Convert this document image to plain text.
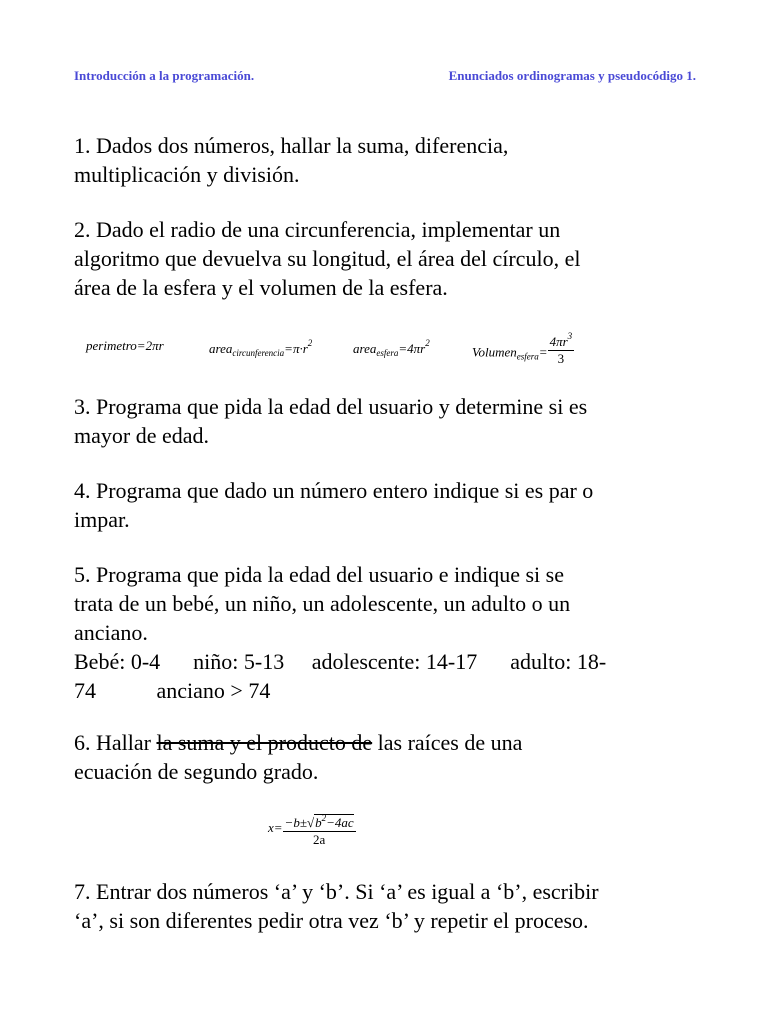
Introducción a la programación.	Enunciados ordinogramas y pseudocódigo 1.
1. Dados dos números, hallar la suma, diferencia,
multiplicación y división.
2. Dado el radio de una circunferencia, implementar un
algoritmo que devuelva su longitud, el área del círculo, el
área de la esfera y el volumen de la esfera.
perimetro=2πr	$area_{circunferencia}=\pi\cdot r^2$	$area_{esfera}=4\pi r^2$
Volumen$_{esfera}$= $\frac{4\pi r^3}{3}$
3. Programa que pida la edad del usuario y determine si es
mayor de edad.
4. Programa que dado un número entero indique si es par o
impar.
5. Programa que pida la edad del usuario e indique si se
trata de un bebé, un niño, un adolescente, un adulto o un
anciano.
Bebé: 0-4      niño: 5-13     adolescente: 14-17      adulto: 18-
74           anciano > 74
6. Hallar la suma y el producto de las raíces de una
ecuación de segundo grado.
$x= \frac{-b\pm√b^2-4ac}{2a}$
7. Entrar dos números ‘a’ y ‘b’. Si ‘a’ es igual a ‘b’, escribir
‘a’, si son diferentes pedir otra vez ‘b’ y repetir el proceso.
